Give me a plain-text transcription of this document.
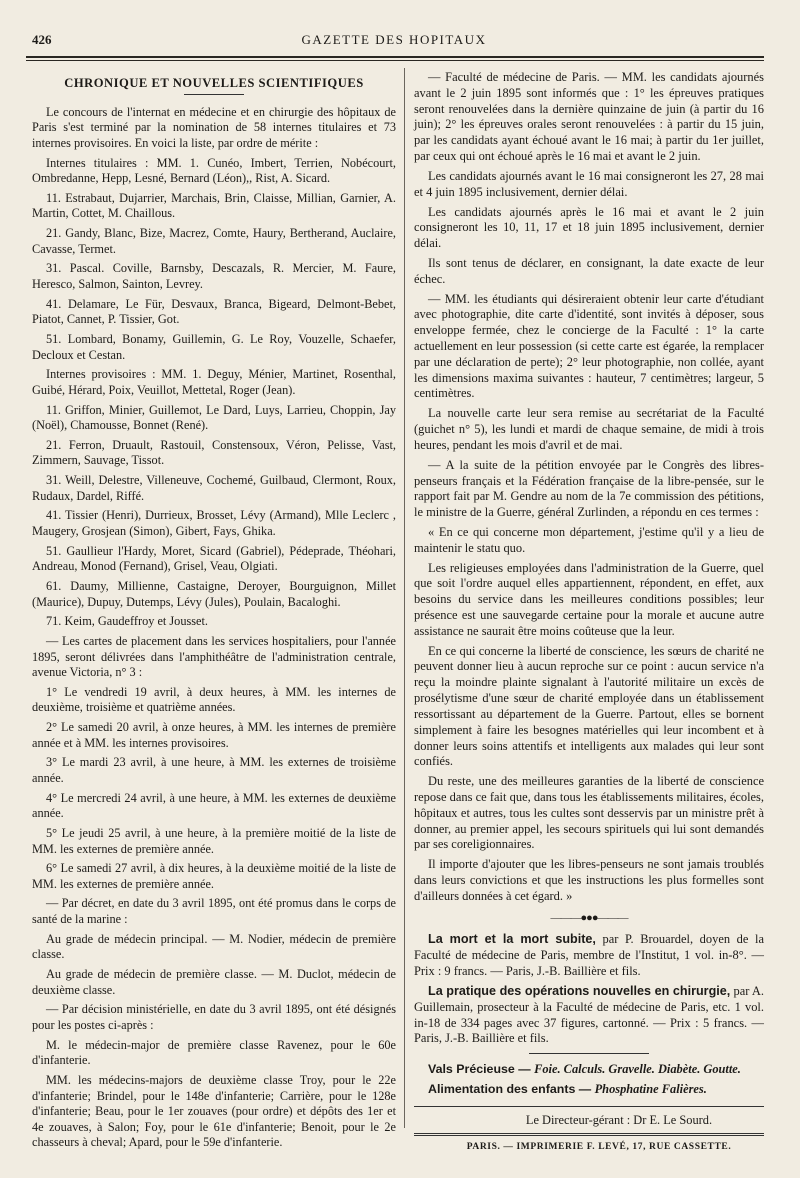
426	GAZETTE DES HOPITAUX
CHRONIQUE ET NOUVELLES SCIENTIFIQUES

Le concours de l'internat en médecine et en chirurgie des hôpitaux de Paris s'est terminé par la nomination de 58 internes titulaires et 73 internes provisoires. En voici la liste, par ordre de mérite :

Internes titulaires : MM. 1. Cunéo, Imbert, Terrien, Nobécourt, Ombredanne, Hepp, Lesné, Bernard (Léon),, Rist, A. Sicard.

11. Estrabaut, Dujarrier, Marchais, Brin, Claisse, Millian, Garnier, A. Martin, Cottet, M. Chaillous.

21. Gandy, Blanc, Bize, Macrez, Comte, Haury, Bertherand, Auclaire, Cavasse, Termet.

31. Pascal. Coville, Barnsby, Descazals, R. Mercier, M. Faure, Heresco, Salmon, Sainton, Levrey.

41. Delamare, Le Für, Desvaux, Branca, Bigeard, Delmont-Bebet, Piatot, Cannet, P. Tissier, Got.

51. Lombard, Bonamy, Guillemin, G. Le Roy, Vouzelle, Schaefer, Decloux et Cestan.

Internes provisoires : MM. 1. Deguy, Ménier, Martinet, Rosenthal, Guibé, Hérard, Poix, Veuillot, Mettetal, Roger (Jean).

11. Griffon, Minier, Guillemot, Le Dard, Luys, Larrieu, Choppin, Jay (Noël), Chamousse, Bonnet (René).

21. Ferron, Druault, Rastouil, Constensoux, Véron, Pelisse, Vast, Zimmern, Sauvage, Tissot.

31. Weill, Delestre, Villeneuve, Cochemé, Guilbaud, Clermont, Roux, Rudaux, Dardel, Riffé.

41. Tissier (Henri), Durrieux, Brosset, Lévy (Armand), Mlle Leclerc , Maugery, Grosjean (Simon), Gibert, Fays, Ghika.

51. Gaullieur l'Hardy, Moret, Sicard (Gabriel), Pédeprade, Théohari, Andreau, Monod (Fernand), Grisel, Veau, Olgiati.

61. Daumy, Millienne, Castaigne, Deroyer, Bourguignon, Millet (Maurice), Dupuy, Dutemps, Lévy (Jules), Poulain, Bacaloghi.

71. Keim, Gaudeffroy et Jousset.

— Les cartes de placement dans les services hospitaliers, pour l'année 1895, seront délivrées dans l'amphithéâtre de l'administration centrale, avenue Victoria, n° 3 :

1° Le vendredi 19 avril, à deux heures, à MM. les internes de deuxième, troisième et quatrième années.

2° Le samedi 20 avril, à onze heures, à MM. les internes de première année et à MM. les internes provisoires.

3° Le mardi 23 avril, à une heure, à MM. les externes de troisième année.

4° Le mercredi 24 avril, à une heure, à MM. les externes de deuxième année.

5° Le jeudi 25 avril, à une heure, à la première moitié de la liste de MM. les externes de première année.

6° Le samedi 27 avril, à dix heures, à la deuxième moitié de la liste de MM. les externes de première année.

— Par décret, en date du 3 avril 1895, ont été promus dans le corps de santé de la marine :

Au grade de médecin principal. — M. Nodier, médecin de première classe.

Au grade de médecin de première classe. — M. Duclot, médecin de deuxième classe.

— Par décision ministérielle, en date du 3 avril 1895, ont été désignés pour les postes ci-après :

M. le médecin-major de première classe Ravenez, pour le 60e d'infanterie.

MM. les médecins-majors de deuxième classe Troy, pour le 22e d'infanterie; Brindel, pour le 148e d'infanterie; Carrière, pour le 128e d'infanterie; Beau, pour le 1er zouaves (pour ordre) et dépôts des 1er et 4e zouaves, à Salon; Foy, pour le 61e d'infanterie; Benoit, pour le 2e chasseurs à cheval; Apard, pour le 59e d'infanterie.

— Faculté de médecine de Paris. — MM. les candidats ajournés avant le 2 juin 1895 sont informés que : 1° les épreuves pratiques seront renouvelées dans la dernière quinzaine de juin (à partir du 16 juin); 2° les épreuves orales seront renouvelées : à partir du 15 juin, par les candidats ayant échoué avant le 16 mai; à partir du 1er juillet, par ceux qui ont échoué après le 16 mai et avant le 2 juin.

Les candidats ajournés avant le 16 mai consigneront les 27, 28 mai et 4 juin 1895 inclusivement, dernier délai.

Les candidats ajournés après le 16 mai et avant le 2 juin consigneront les 10, 11, 17 et 18 juin 1895 inclusivement, dernier délai.

Ils sont tenus de déclarer, en consignant, la date exacte de leur échec.

— MM. les étudiants qui désireraient obtenir leur carte d'étudiant avec photographie, dite carte d'identité, sont invités à déposer, sous enveloppe fermée, chez le concierge de la Faculté : 1° la carte actuellement en leur possession (si cette carte est égarée, la remplacer par une déclaration de perte); 2° leur photographie, non collée, ayant les dimensions maxima suivantes : hauteur, 7 centimètres; largeur, 5 centimètres.

La nouvelle carte leur sera remise au secrétariat de la Faculté (guichet n° 5), les lundi et mardi de chaque semaine, de midi à trois heures, pendant les mois d'avril et de mai.

— A la suite de la pétition envoyée par le Congrès des libres-penseurs français et la Fédération française de la libre-pensée, sur le rapport fait par M. Gendre au nom de la 7e commission des pétitions, le ministre de la Guerre, général Zurlinden, a répondu en ces termes :

« En ce qui concerne mon département, j'estime qu'il y a lieu de maintenir le statu quo.

Les religieuses employées dans l'administration de la Guerre, quel que soit l'ordre auquel elles appartiennent, répondent, en effet, aux besoins du service dans les meilleures conditions possibles; leur présence est une sauvegarde certaine pour la morale et aucune autre assistance ne saurait être moins coûteuse que la leur.

En ce qui concerne la liberté de conscience, les sœurs de charité ne peuvent donner lieu à aucun reproche sur ce point : aucun service n'a reçu la moindre plainte signalant à l'autorité militaire un excès de prosélytisme d'une sœur de charité employée dans un établissement ressortissant au département de la Guerre. Partout, elles se bornent simplement à faire les besognes matérielles qui leur incombent et à donner leurs soins attentifs et intelligents aux malades qui leur sont confiés.

Du reste, une des meilleures garanties de la liberté de conscience repose dans ce fait que, dans tous les établissements militaires, écoles, hôpitaux et autres, tous les cultes sont desservis par un ministre prêt à donner, au premier appel, les secours spirituels qui lui sont demandés par ses coreligionnaires.

Il importe d'ajouter que les libres-penseurs ne sont jamais troublés dans leurs convictions et que les instructions les plus formelles sont d'ailleurs données à cet égard. »

———●●●———

La mort et la mort subite, par P. Brouardel, doyen de la Faculté de médecine de Paris, membre de l'Institut, 1 vol. in-8°. — Prix : 9 francs. — Paris, J.-B. Baillière et fils.

La pratique des opérations nouvelles en chirurgie, par A. Guillemain, prosecteur à la Faculté de médecine de Paris, etc. 1 vol. in-18 de 334 pages avec 37 figures, cartonné. — Prix : 5 francs. — Paris, J.-B. Baillière et fils.

Vals Précieuse — Foie. Calculs. Gravelle. Diabète. Goutte.

Alimentation des enfants — Phosphatine Falières.

Le Directeur-gérant : Dr E. Le Sourd.
PARIS. — IMPRIMERIE F. LEVÉ, 17, RUE CASSETTE.
